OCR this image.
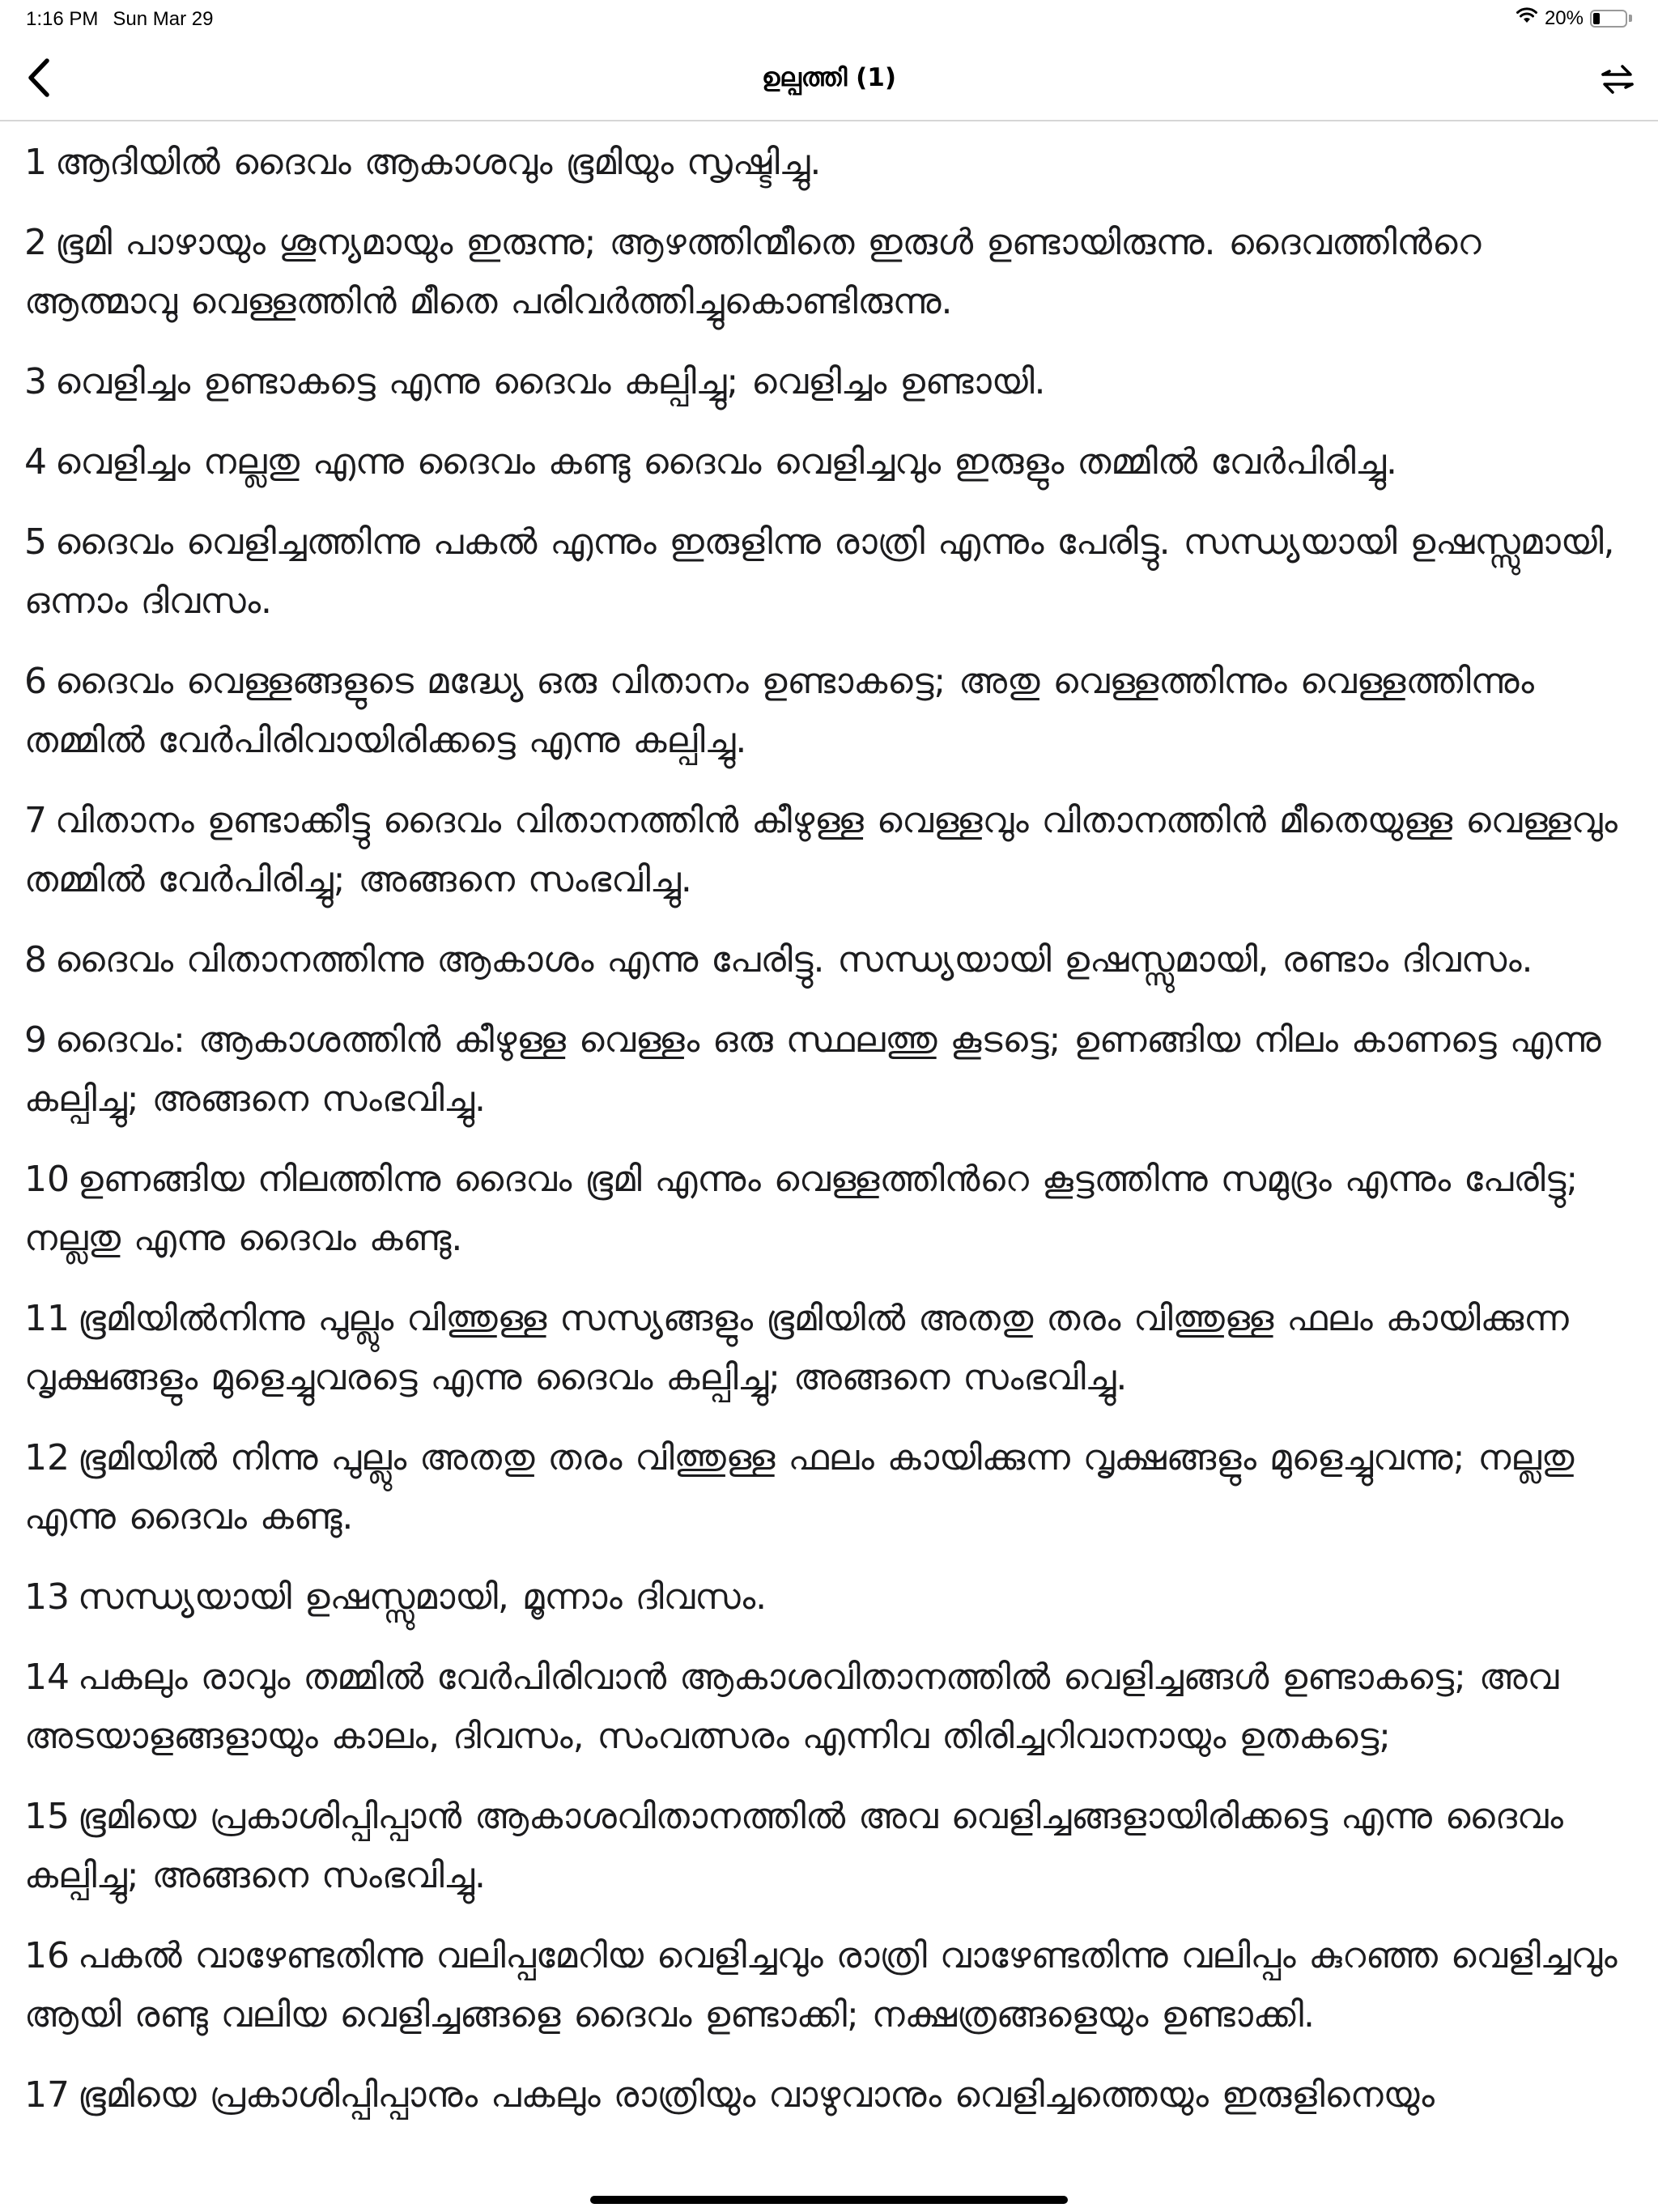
1:16 PM Sun Mar 29	20%
ഉല്പത്തി (1)

1 ആദിയിൽ ദൈവം ആകാശവും ഭൂമിയും സൃഷ്ടിച്ചു.

2 ഭൂമി പാഴായും ശൂന്യമായും ഇരുന്നു; ആഴത്തിന്മീതെ ഇരുൾ ഉണ്ടായിരുന്നു. ദൈവത്തിൻറെ ആത്മാവു വെള്ളത്തിൻ മീതെ പരിവർത്തിച്ചുകൊണ്ടിരുന്നു.

3 വെളിച്ചം ഉണ്ടാകട്ടെ എന്നു ദൈവം കല്പിച്ചു; വെളിച്ചം ഉണ്ടായി.

4 വെളിച്ചം നല്ലതു എന്നു ദൈവം കണ്ടു ദൈവം വെളിച്ചവും ഇരുളും തമ്മിൽ വേർപിരിച്ചു.

5 ദൈവം വെളിച്ചത്തിന്നു പകൽ എന്നും ഇരുളിന്നു രാത്രി എന്നും പേരിട്ടു. സന്ധ്യയായി ഉഷസ്സുമായി, ഒന്നാം ദിവസം.

6 ദൈവം വെള്ളങ്ങളുടെ മദ്ധ്യേ ഒരു വിതാനം ഉണ്ടാകട്ടെ; അതു വെള്ളത്തിന്നും വെള്ളത്തിന്നും തമ്മിൽ വേർപിരിവായിരിക്കട്ടെ എന്നു കല്പിച്ചു.

7 വിതാനം ഉണ്ടാക്കീട്ടു ദൈവം വിതാനത്തിൻ കീഴുള്ള വെള്ളവും വിതാനത്തിൻ മീതെയുള്ള വെള്ളവും തമ്മിൽ വേർപിരിച്ചു; അങ്ങനെ സംഭവിച്ചു.

8 ദൈവം വിതാനത്തിന്നു ആകാശം എന്നു പേരിട്ടു. സന്ധ്യയായി ഉഷസ്സുമായി, രണ്ടാം ദിവസം.

9 ദൈവം: ആകാശത്തിൻ കീഴുള്ള വെള്ളം ഒരു സ്ഥലത്തു കൂടട്ടെ; ഉണങ്ങിയ നിലം കാണട്ടെ എന്നു കല്പിച്ചു; അങ്ങനെ സംഭവിച്ചു.

10 ഉണങ്ങിയ നിലത്തിന്നു ദൈവം ഭൂമി എന്നും വെള്ളത്തിൻറെ കൂട്ടത്തിന്നു സമുദ്രം എന്നും പേരിട്ടു; നല്ലതു എന്നു ദൈവം കണ്ടു.

11 ഭൂമിയിൽനിന്നു പുല്ലും വിത്തുള്ള സസ്യങ്ങളും ഭൂമിയിൽ അതതു തരം വിത്തുള്ള ഫലം കായിക്കുന്ന വൃക്ഷങ്ങളും മുളെച്ചുവരട്ടെ എന്നു ദൈവം കല്പിച്ചു; അങ്ങനെ സംഭവിച്ചു.

12 ഭൂമിയിൽ നിന്നു പുല്ലും അതതു തരം വിത്തുള്ള ഫലം കായിക്കുന്ന വൃക്ഷങ്ങളും മുളെച്ചുവന്നു; നല്ലതു എന്നു ദൈവം കണ്ടു.

13 സന്ധ്യയായി ഉഷസ്സുമായി, മൂന്നാം ദിവസം.

14 പകലും രാവും തമ്മിൽ വേർപിരിവാൻ ആകാശവിതാനത്തിൽ വെളിച്ചങ്ങൾ ഉണ്ടാകട്ടെ; അവ അടയാളങ്ങളായും കാലം, ദിവസം, സംവത്സരം എന്നിവ തിരിച്ചറിവാനായും ഉതകട്ടെ;

15 ഭൂമിയെ പ്രകാശിപ്പിപ്പാൻ ആകാശവിതാനത്തിൽ അവ വെളിച്ചങ്ങളായിരിക്കട്ടെ എന്നു ദൈവം കല്പിച്ചു; അങ്ങനെ സംഭവിച്ചു.

16 പകൽ വാഴേണ്ടതിന്നു വലിപ്പമേറിയ വെളിച്ചവും രാത്രി വാഴേണ്ടതിന്നു വലിപ്പം കുറഞ്ഞ വെളിച്ചവും ആയി രണ്ടു വലിയ വെളിച്ചങ്ങളെ ദൈവം ഉണ്ടാക്കി; നക്ഷത്രങ്ങളെയും ഉണ്ടാക്കി.

17 ഭൂമിയെ പ്രകാശിപ്പിപ്പാനും പകലും രാത്രിയും വാഴുവാനും വെളിച്ചത്തെയും ഇരുളിനെയും
